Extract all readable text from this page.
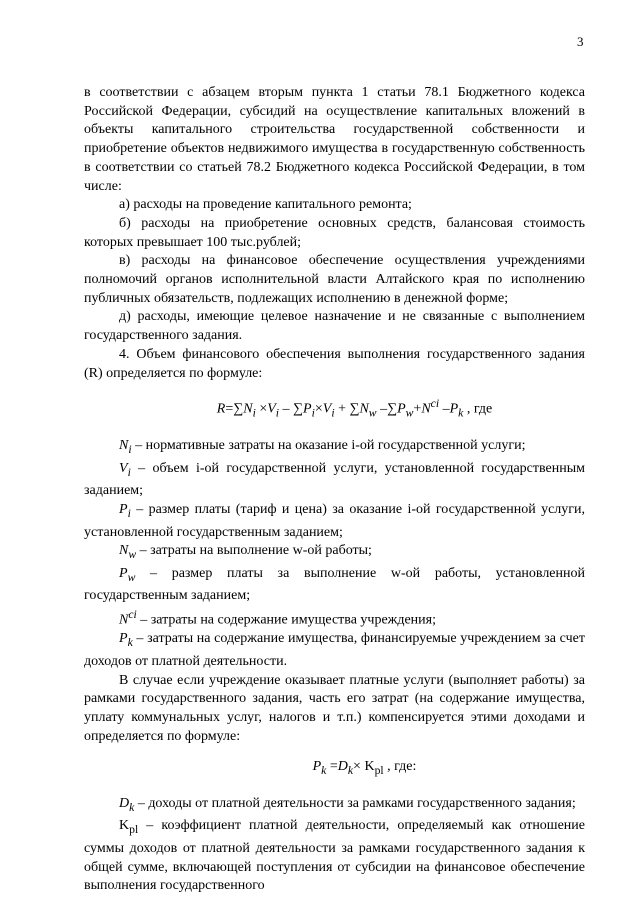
3

в соответствии с абзацем вторым пункта 1 статьи 78.1 Бюджетного кодекса Российской Федерации, субсидий на осуществление капитальных вложений в объекты капитального строительства государственной собственности и приобретение объектов недвижимого имущества в государственную собственность в соответствии со статьей 78.2 Бюджетного кодекса Российской Федерации, в том числе:

а) расходы на проведение капитального ремонта;

б) расходы на приобретение основных средств, балансовая стоимость которых превышает 100 тыс.рублей;

в) расходы на финансовое обеспечение осуществления учреждениями полномочий органов исполнительной власти Алтайского края по исполнению публичных обязательств, подлежащих исполнению в денежной форме;

д) расходы, имеющие целевое назначение и не связанные с выполнением государственного задания.

4. Объем финансового обеспечения выполнения государственного задания (R) определяется по формуле:

$R=\sum N_i \times V_i - \sum P_i\times V_i + \sum N_w$ $-\sum P_w+N^{ci}$ $-P_k$ , где

$N_i$ – нормативные затраты на оказание i-ой государственной услуги;

$V_i$ – объем i-ой государственной услуги, установленной государственным заданием;

$P_i$ – размер платы (тариф и цена) за оказание i-ой государственной услуги, установленной государственным заданием;

$N_w$ – затраты на выполнение w-ой работы;

$P_w$ – размер платы за выполнение w-ой работы, установленной государственным заданием;

$N^{ci}$ – затраты на содержание имущества учреждения;

$P_k$ – затраты на содержание имущества, финансируемые учреждением за счет доходов от платной деятельности.

В случае если учреждение оказывает платные услуги (выполняет работы) за рамками государственного задания, часть его затрат (на содержание имущества, уплату коммунальных услуг, налогов и т.п.) компенсируется этими доходами и определяется по формуле:

$P_k =D_k\times K_{pl}$ , где:

$D_k$ – доходы от платной деятельности за рамками государственного задания;

$K_{pl}$ – коэффициент платной деятельности, определяемый как отношение суммы доходов от платной деятельности за рамками государственного задания к общей сумме, включающей поступления от субсидии на финансовое обеспечение выполнения государственного
